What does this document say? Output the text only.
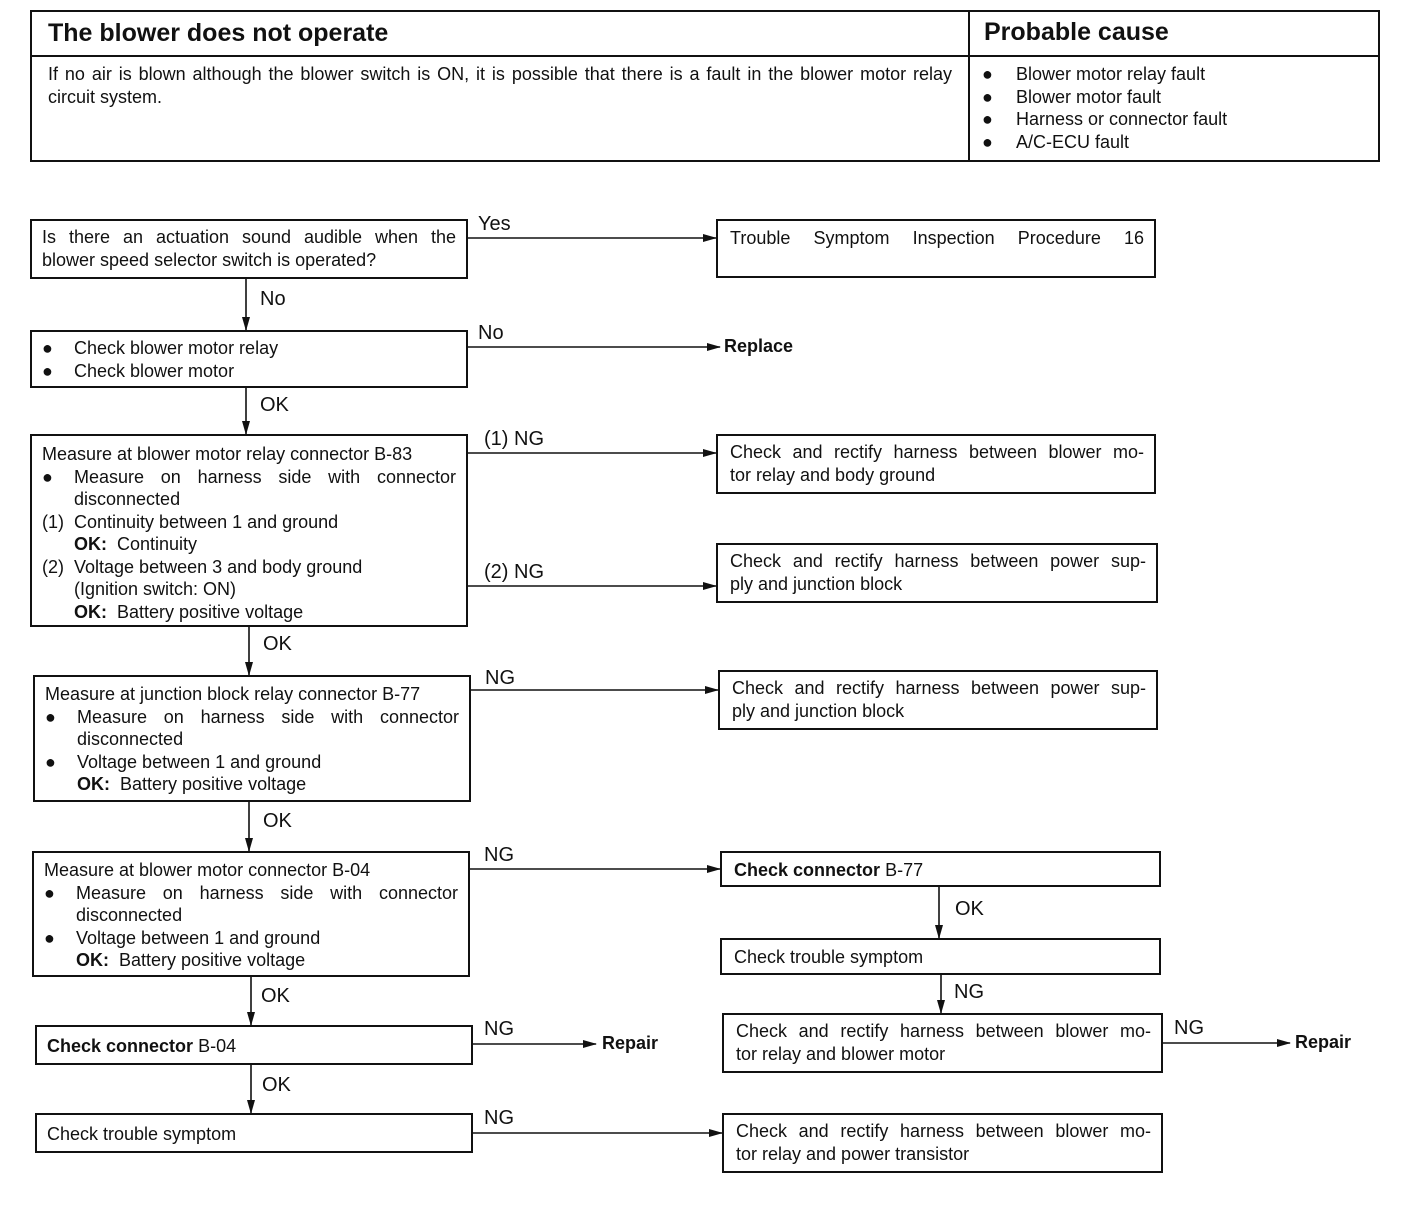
The blower does not operate	Probable cause
If no air is blown although the blower switch is ON, it is possible that there is a fault in the blower motor relay circuit system.
●	Blower motor relay fault
●	Blower motor fault
●	Harness or connector fault
●	A/C-ECU fault
Is there an actuation sound audible when the
blower speed selector switch is operated?
●	Check blower motor relay
●	Check blower motor
Measure at blower motor relay connector B-83
●	Measure on harness side with connector
disconnected
(1) Continuity between 1 and ground
OK: Continuity
(2) Voltage between 3 and body ground
(Ignition switch: ON)
OK: Battery positive voltage
Measure at junction block relay connector B-77
●	Measure on harness side with connector
disconnected
●	Voltage between 1 and ground
OK: Battery positive voltage
Measure at blower motor connector B-04
●	Measure on harness side with connector
disconnected
●	Voltage between 1 and ground
OK: Battery positive voltage
Check connector B-04
Check trouble symptom
Trouble Symptom Inspection Procedure 16
Replace
Check and rectify harness between blower mo-
tor relay and body ground
Check and rectify harness between power sup-
ply and junction block
Check and rectify harness between power sup-
ply and junction block
Check connector B-77
Check trouble symptom
Check and rectify harness between blower mo-
tor relay and blower motor
Check and rectify harness between blower mo-
tor relay and power transistor
Repair	Repair
Yes
No
No
OK
(1) NG
(2) NG
OK
NG
OK
NG
OK
NG
OK
NG
OK
NG
NG
